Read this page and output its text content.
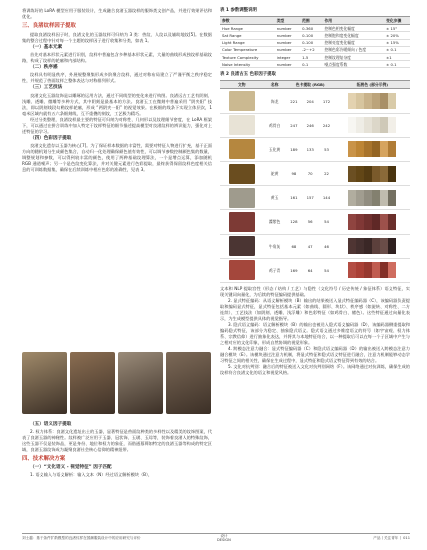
将训练好的 LoRA 模型应用于服装设计，生成融合良渚玉器纹样的服饰类文创产品，并进行效果评估和优化。

三、良渚纹样因子提取

提取良渚纹样因子时，良渚文化的玉器纹样可归纳为 3 类：兽纹、人纹以及辅助地纹[5]。在数据集的整合过程中针对每一个主题的纹样因子进行收集和分类，如表 1。

（一）基本元素

首先对基本形状元素进行识别，纹样中普遍包含多种基本形状元素，大量的曲线形成独纹样基础纹路，构成了纹样的轮廓和内部结构。

（二）秩序感

纹样具有明显秩序，外展规整聚集形成多阶聚合纹样，通过对称布局建立了严谨平衡之秩序稳定性，并规范了兽面纹样之整体表达与对称排列形式。

（三）工艺技法

良渚文化玉器纹饰是以雕琢的运用方法，通过不同线型的变化来进行构图。良渚远古工艺有阴刻、浅雕、透雕、微雕等多种方式，其中阴刻是最基本的方法。良渚玉工在微刻中普遍采用 “阴夹阳” 技法，即以阴刻线段勾勒纹样轮廓，形成 “两阴夹一阳” 的视觉效果。在极细的线条下实现立体层次，1 毫米区域内就有五六条细刻线，互不重叠的刻纹，工艺极为精巧。

经过分类整理，良渚纹样最主要的特征可归纳为对称性、几何形以及纹理细节密度，在 LoRA 框架下，可以通过在拼合训练中加入特定于纹样特征的细节描述提高模型对良渚纹样的辨识能力，强化对上述特征的学习。

（四）色彩因子提取

良渚文化遗存以玉器为核心[7]。为了保证样本数据的丰富性，需要对特征人物进行扩充，基于正面方向的随机划分生成颜色集合，自动归一化处理确保颜色值有效性，可以调节参数控制颜色集的数量，调整规划和参数，可以得到较丰富的颜色，使用了两种基础纹理算法，一个是增点运算，添加随机 RGB 通道噪声；另一个是色纹变化算法，并对关键元素进行色彩提取，最终获得保留纹样色度相关信息的可训练数据集，确保在后续训练中相应色彩的准确性，见表 3。

（五）语义因子提取

2. 权力体系：良渚文化遗址出土的玉器，显著特征是兽面纹种类的多样性以及精美的纹饰图案，代表了良渚玉器的神秘性。纹样被广泛应用于玉器、冠状饰、玉璜、玉琮等，装饰着良渚人的特殊纹饰，这些玉器不仅是装饰品，更是身份、地位和权力的象征，而借通墓葬如特定的良渚玉器等构成的特定区域，良渚玉器纹饰成为凝聚良渚社会核心信仰的精神纽带。

四、技术解决方案
（一）“文化语义 - 视觉特征” 因子匹配

1. 语义输入与语义解析：输入文本（N）经过语义解析模块（B），

表 1 参数调整说明
参数	类型	范围	作用	变化步骤
Hue Range	number	0-360	控制色相变化幅度	± 15°
Sat Range	number	0-100	控制饱和度变化幅度	± 20%
Light Range	number	0-100	控制亮度变化幅度	± 15%
Color Temperature	number	-2~+2	控制色彩冷暖倾向 / 色度	± 0.1
Texture Complexity	integer	1-5	控制纹理复杂度	±1
Noise Intensity	number	0-1	噪点强度系数	± 0.1
表 2 良渚古玉 色彩因子提取
文物	名称	色卡提取 (RGB)			拓展色 (部分示例)
	饰龙	221	204	172	
	鸡骨白	247	246	242	
	玉化黄	189	133	53	
	驼黄	98	70	22	
	黄玉	161	157	144	
	醬紫色	128	56	54	
	牛角灰	68	47	46	
	鸡子青	169	64	54	

文本和 NLP 提取宫性（形态 / 结构 / 工艺）与隐性（文化符号 / 历史传统 / 象征体系）语义特征，实现关键词向量化，为后续的特征编码提供基础。

2. 显式特征编码：从语义解析模块（B）输出的结果被送入显式特征编码器（C），该编码器负责提取和编码显式特征，显式特征包括基本元素（如曲线、圆形、块状）、秩序感（如旋转、对称性、二方连续）、工艺技法（如阴刻、透雕、浅浮雕）和色彩特征（如鸡骨白、赭色）。这些特征通过向量化表示，为生成模型提供具体的视觉指导。

3. 隐式语义编码：语义解析模块（B）的输出也被送入隐式语义编码器（D），该编码器侧重提取和编码隐式特征，该部分为稳定、抽象隐式语义。隐式语义通过多维度语义的符号（如宇宙观、权力体系、宗教信仰）进行抽象化表达，并将其与本地特征结合，以一种提取后可以在每一个子区域中产生与之相对应的文化印象，形成自然协调的视觉形象。

4. 跨模态注意力融合：显式特征编码器（C）和隐式语义编码器（D）的输出被送入跨模态注意力融合模块（E）。该模块通过注意力机制，将显式特征和隐式语义特征进行融合，注意力机制能够动态学习特征之间的相关性，确保在生成过程中，显式特征和隐式语义特征得到有效的结合。

5. 文化对抗判别：融合后的特征被送入文化对抗判别网络（F）。该网络通过对抗训练，确保生成的纹样符合良渚文化的语义和视觉风格。

刘士越：基于条件扩散模型的良渚纹样在国潮服装设计中的应用研究与评价	设计
DESIGN
产品丨关注青年丨 011
